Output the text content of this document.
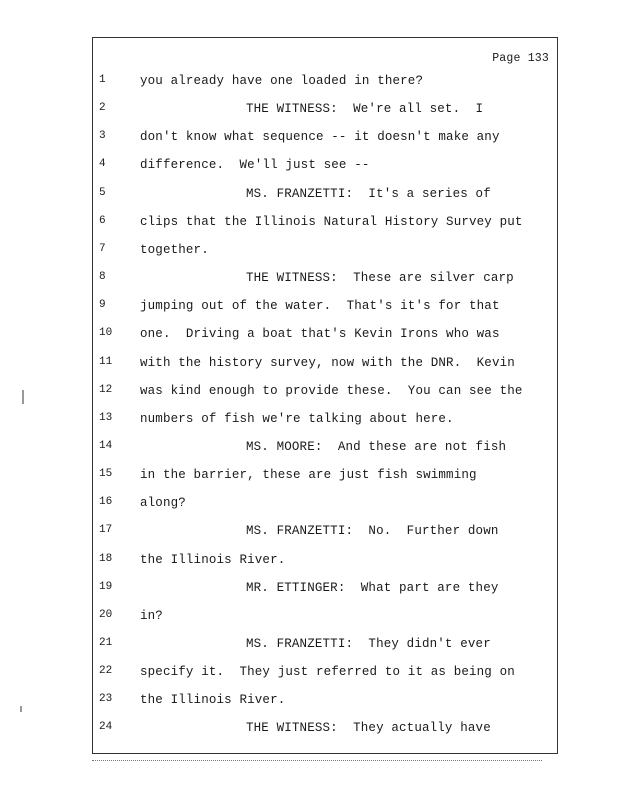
Page 133
1	you already have one loaded in there?
2	THE WITNESS:  We're all set.  I
3	don't know what sequence -- it doesn't make any
4	difference.  We'll just see --
5	MS. FRANZETTI:  It's a series of
6	clips that the Illinois Natural History Survey put
7	together.
8	THE WITNESS:  These are silver carp
9	jumping out of the water.  That's it's for that
10	one.  Driving a boat that's Kevin Irons who was
11	with the history survey, now with the DNR.  Kevin
12	was kind enough to provide these.  You can see the
13	numbers of fish we're talking about here.
14	MS. MOORE:  And these are not fish
15	in the barrier, these are just fish swimming
16	along?
17	MS. FRANZETTI:  No.  Further down
18	the Illinois River.
19	MR. ETTINGER:  What part are they
20	in?
21	MS. FRANZETTI:  They didn't ever
22	specify it.  They just referred to it as being on
23	the Illinois River.
24	THE WITNESS:  They actually have
